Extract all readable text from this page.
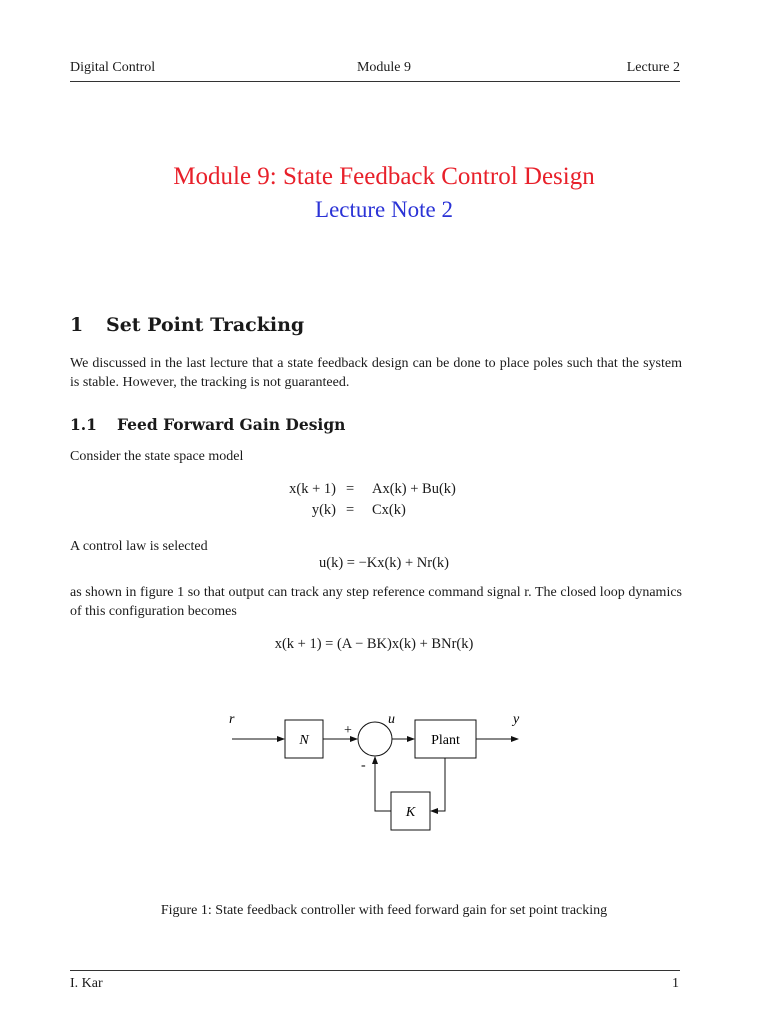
Digital Control	Module 9	Lecture 2
Module 9: State Feedback Control Design
Lecture Note 2
1 Set Point Tracking
We discussed in the last lecture that a state feedback design can be done to place poles such that the system is stable. However, the tracking is not guaranteed.
1.1 Feed Forward Gain Design
Consider the state space model
x(k + 1) = Ax(k) + Bu(k)
y(k) = Cx(k)
A control law is selected
u(k) = −Kx(k) + Nr(k)
as shown in figure 1 so that output can track any step reference command signal r. The closed loop dynamics of this configuration becomes
x(k + 1) = (A − BK)x(k) + BNr(k)
r
N
+
-
u
Plant
y
K
Figure 1: State feedback controller with feed forward gain for set point tracking
I. Kar	1
